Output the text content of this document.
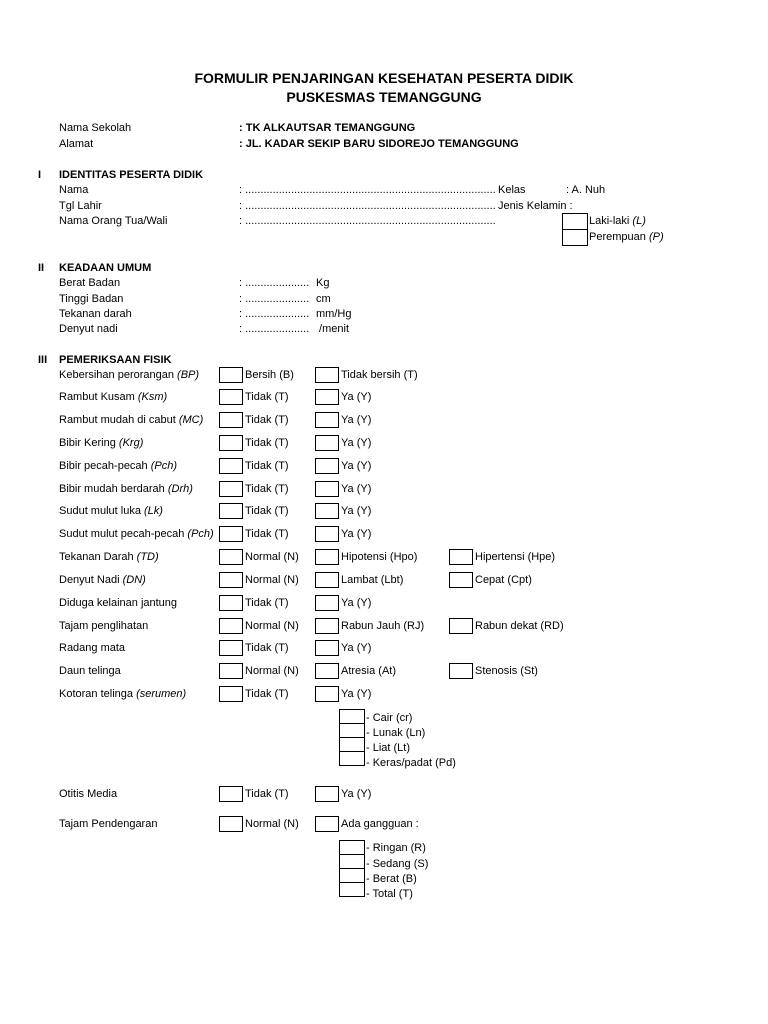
FORMULIR PENJARINGAN KESEHATAN PESERTA DIDIK
PUSKESMAS TEMANGGUNG
Nama Sekolah	: TK ALKAUTSAR TEMANGGUNG
Alamat	: JL. KADAR SEKIP BARU SIDOREJO TEMANGGUNG
I IDENTITAS PESERTA DIDIK
Nama	: ..................................................................................
Tgl Lahir	: ..................................................................................
Nama Orang Tua/Wali	: ..................................................................................
Kelas	: A. Nuh
Jenis Kelamin :
Laki-laki (L)
Perempuan (P)
II KEADAAN UMUM
Berat Badan	: ..................... Kg
Tinggi Badan	: ..................... cm
Tekanan darah	: ..................... mm/Hg
Denyut nadi	: ..................... /menit
III PEMERIKSAAN FISIK
Kebersihan perorangan (BP)	Bersih (B)	Tidak bersih (T)
Rambut Kusam (Ksm)	Tidak (T)	Ya (Y)
Rambut mudah di cabut (MC)	Tidak (T)	Ya (Y)
Bibir Kering (Krg)	Tidak (T)	Ya (Y)
Bibir pecah-pecah (Pch)	Tidak (T)	Ya (Y)
Bibir mudah berdarah (Drh)	Tidak (T)	Ya (Y)
Sudut mulut luka (Lk)	Tidak (T)	Ya (Y)
Sudut mulut pecah-pecah (Pch)	Tidak (T)	Ya (Y)
Tekanan Darah (TD)	Normal (N)	Hipotensi (Hpo)	Hipertensi (Hpe)
Denyut Nadi (DN)	Normal (N)	Lambat (Lbt)	Cepat (Cpt)
Diduga kelainan jantung	Tidak (T)	Ya (Y)
Tajam penglihatan	Normal (N)	Rabun Jauh (RJ)	Rabun dekat (RD)
Radang mata	Tidak (T)	Ya (Y)
Daun telinga	Normal (N)	Atresia (At)	Stenosis (St)
Kotoran telinga (serumen)	Tidak (T)	Ya (Y)
Otitis Media	Tidak (T)	Ya (Y)
Tajam Pendengaran	Normal (N)	Ada gangguan :
- Cair (cr)
- Lunak (Ln)
- Liat (Lt)
- Keras/padat (Pd)
- Ringan (R)
- Sedang (S)
- Berat (B)
- Total (T)
